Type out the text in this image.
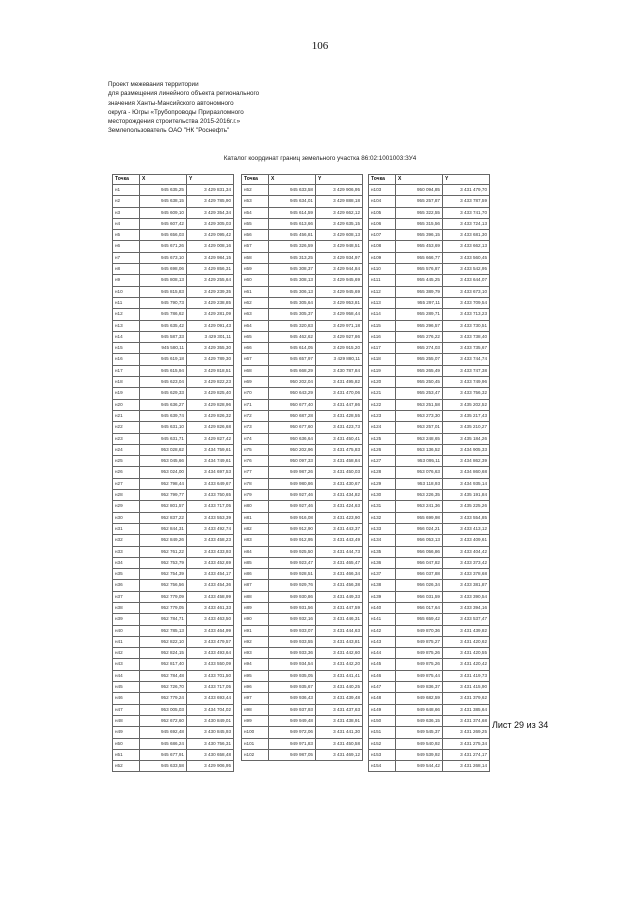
106
Проект межевания территории
для размещения линейного объекта регионального
значения Ханты-Мансийского автономного
округа - Югры «Трубопроводы Приразломного
месторождения строительства 2015-2016г.г.»
Землепользователь ОАО "НК "Роснефть"
Каталог координат границ земельного участка 86:02:1001003:ЗУ4
Точка	X	Y
н1	945 635,25	3 429 831,34
н2	945 638,15	3 429 785,90
н3	945 609,10	3 429 354,34
н4	945 607,42	3 429 305,03
н5	945 656,03	3 429 095,42
н6	945 671,26	3 429 008,16
н7	945 673,10	3 429 984,15
н8	945 698,06	3 429 856,31
н9	945 808,13	3 429 255,64
н10	945 815,83	3 429 239,35
н11	945 790,73	3 429 238,85
н12	945 786,62	3 429 281,09
н13	945 635,42	3 429 091,43
н14	945 587,33	3 429 301,11
н15	945 580,11	3 429 355,30
н16	945 619,18	3 429 789,30
н17	945 615,94	3 429 818,51
н18	945 623,04	3 429 822,23
н19	945 629,33	3 429 825,40
н20	945 636,27	3 429 828,96
н21	945 639,74	3 429 826,32
н22	945 631,10	3 429 826,68
н23	945 631,71	3 429 827,42
н24	953 028,62	3 434 759,61
н25	953 045,66	3 434 749,61
н26	953 024,00	3 434 697,53
н27	952 798,44	3 433 649,67
н28	952 799,77	3 433 750,65
н29	952 801,57	3 433 717,05
н30	952 837,22	3 433 553,39
н31	952 844,31	3 433 492,74
н32	952 849,26	3 433 458,23
н33	952 761,22	3 433 433,93
н34	952 753,79	3 433 452,69
н35	952 754,39	3 433 454,17
н36	952 756,56	3 433 454,36
н37	952 779,09	3 433 458,99
н38	952 779,05	3 433 461,33
н39	952 784,71	3 433 463,50
н40	952 785,13	3 433 464,99
н41	952 822,10	3 433 479,57
н42	952 824,15	3 433 493,64
н43	952 817,40	3 433 550,09
н44	952 784,48	3 433 701,50
н45	952 726,70	3 433 717,05
н46	952 779,24	3 433 693,44
н47	953 005,03	3 434 704,02
н48	952 672,60	3 430 849,01
н49	945 692,48	3 430 845,93
н50	945 686,24	3 430 756,31
н51	945 677,91	3 430 658,48
н52	945 633,58	3 429 906,95
Точка	X	Y
н52	945 633,58	3 429 906,95
н53	945 634,01	3 429 888,18
н54	945 614,59	3 429 662,12
н55	945 613,66	3 429 635,15
н56	945 456,81	3 429 608,13
н57	945 326,59	3 429 948,51
н58	945 313,25	3 429 934,97
н59	945 308,37	3 429 944,84
н60	945 308,13	3 429 945,69
н61	945 306,13	3 429 945,69
н62	945 305,64	3 429 953,81
н63	945 305,37	3 429 958,44
н64	945 320,83	3 429 971,18
н65	945 462,62	3 429 927,86
н66	945 614,05	3 429 915,20
н67	945 657,97	3 429 880,11
н68	945 668,29	3 430 787,84
н69	950 202,04	3 431 495,82
н70	950 643,29	3 431 470,06
н71	950 677,40	3 431 447,86
н72	950 687,28	3 431 428,55
н73	950 677,60	3 431 423,73
н74	950 636,64	3 431 450,41
н75	950 202,96	3 431 475,83
н76	950 097,33	3 431 458,84
н77	949 987,26	3 431 450,03
н78	949 980,86	3 431 430,67
н79	949 927,46	3 431 434,82
н80	949 927,46	3 431 424,63
н81	949 916,08	3 431 423,90
н82	949 912,90	3 431 443,37
н83	949 912,95	3 431 443,49
н84	949 925,50	3 431 444,73
н85	949 923,47	3 431 465,47
н86	949 928,51	3 431 466,34
н87	949 929,76	3 431 456,38
н88	949 930,86	3 431 449,33
н89	949 931,56	3 431 447,59
н90	949 932,16	3 431 446,31
н91	949 933,07	3 431 444,63
н92	949 933,55	3 431 443,81
н93	949 933,36	3 431 442,60
н94	949 934,54	3 431 442,20
н95	949 935,05	3 431 441,41
н96	949 935,67	3 431 440,25
н97	949 936,43	3 431 439,48
н98	949 937,93	3 431 437,63
н99	949 949,48	3 431 438,91
н100	949 972,06	3 431 441,30
н101	949 971,83	3 431 450,58
н102	949 987,05	3 431 469,12
Точка	X	Y
н103	950 094,85	3 431 479,70
н104	955 257,87	3 433 787,59
н105	955 322,55	3 433 741,70
н106	955 315,56	3 433 724,13
н107	955 396,15	3 433 681,30
н108	955 453,69	3 433 662,13
н109	955 666,77	3 433 560,45
н110	955 576,87	3 433 542,95
н111	955 445,25	3 433 644,07
н112	955 389,79	3 433 673,10
н113	955 297,11	3 433 709,54
н114	955 289,71	3 433 713,23
н115	955 296,57	3 433 730,51
н116	955 276,22	3 433 738,40
н117	955 274,03	3 433 735,67
н118	955 255,07	3 433 744,74
н119	955 265,49	3 433 747,38
н120	955 250,45	3 433 749,96
н121	955 253,47	3 433 756,32
н122	953 251,58	3 435 202,52
н123	953 273,30	3 435 217,43
н124	953 257,01	3 435 210,27
н125	953 248,65	3 435 184,26
н126	953 136,52	3 434 905,33
н127	953 095,11	3 434 862,39
н128	953 076,63	3 434 860,68
н129	953 118,93	3 434 935,14
н130	953 226,35	3 435 191,84
н131	953 241,36	3 435 225,26
н132	955 699,98	3 433 554,85
н133	956 024,21	3 433 413,12
н134	956 053,13	3 433 409,61
н135	956 056,86	3 433 404,42
н136	956 047,82	3 433 373,42
н137	956 037,88	3 433 378,68
н138	956 026,34	3 433 381,87
н139	956 031,59	3 433 390,54
н140	956 017,64	3 433 394,16
н141	955 659,42	3 433 537,47
н142	949 870,36	3 431 439,82
н143	949 875,27	3 431 420,62
н144	949 875,26	3 431 420,55
н145	949 875,26	3 431 420,42
н146	949 875,44	3 431 419,73
н147	949 836,37	3 431 415,90
н148	949 682,59	3 431 379,62
н149	949 648,66	3 431 385,64
н150	949 636,15	3 431 374,68
н151	949 545,37	3 431 269,25
н152	949 540,92	3 431 275,34
н153	949 539,92	3 431 274,17
н154	949 544,42	3 431 268,14
Лист 29 из 34
